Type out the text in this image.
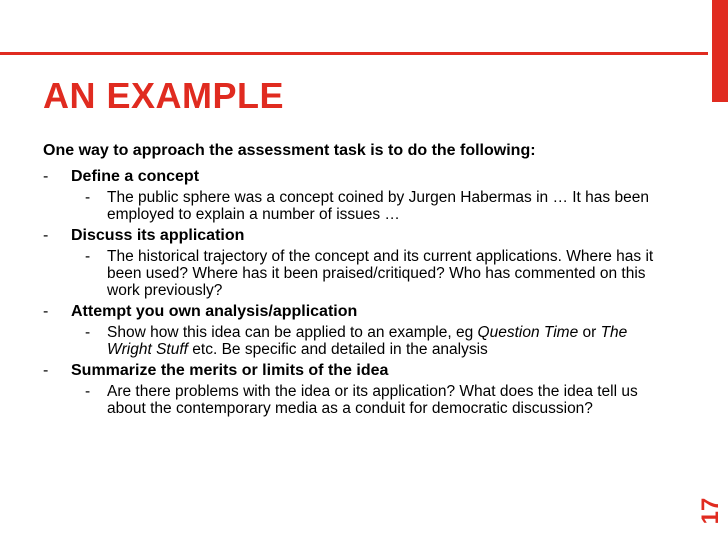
AN EXAMPLE

One way to approach the assessment task is to do the following:

- Define a concept
- The public sphere was a concept coined by Jurgen Habermas in … It has been employed to explain a number of issues …
- Discuss its application
- The historical trajectory of the concept and its current applications. Where has it been used? Where has it been praised/critiqued? Who has commented on this work previously?
- Attempt you own analysis/application
- Show how this idea can be applied to an example, eg Question Time or The Wright Stuff etc. Be specific and detailed in the analysis
- Summarize the merits or limits of the idea
- Are there problems with the idea or its application? What does the idea tell us about the contemporary media as a conduit for democratic discussion?
17
